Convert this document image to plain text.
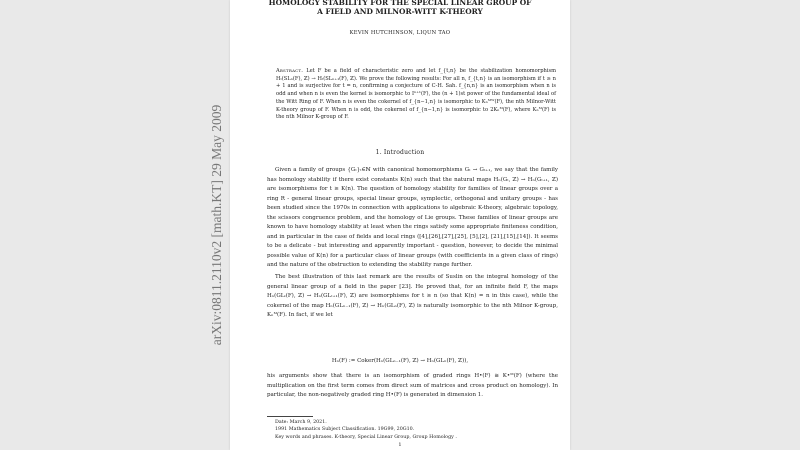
arXiv:0811.2110v2 [math.KT] 29 May 2009
HOMOLOGY STABILITY FOR THE SPECIAL LINEAR GROUP OF
A FIELD AND MILNOR-WITT K-THEORY
KEVIN HUTCHINSON, LIQUN TAO
Abstract. Let F be a field of characteristic zero and let f_{t,n} be the stabilization homomorphism Hₜ(SLₙ(F), ℤ) → Hₜ(SLₙ₊₁(F), ℤ). We prove the following results: For all n, f_{t,n} is an isomorphism if t ≥ n + 1 and is surjective for t = n, confirming a conjecture of C-H. Sah. f_{n,n} is an isomorphism when n is odd and when n is even the kernel is isomorphic to Iⁿ⁺¹(F), the (n + 1)st power of the fundamental ideal of the Witt Ring of F. When n is even the cokernel of f_{n−1,n} is isomorphic to Kₙᴹᵂ(F), the nth Milnor-Witt K-theory group of F. When n is odd, the cokernel of f_{n−1,n} is isomorphic to 2Kₙᴹ(F), where Kₙᴹ(F) is the nth Milnor K-group of F.
1. Introduction

Given a family of groups {Gₜ}ₜ∈ℕ with canonical homomorphisms Gₜ → Gₜ₊₁, we say that the family has homology stability if there exist constants K(n) such that the natural maps Hₙ(Gₜ, ℤ) → Hₙ(Gₜ₊₁, ℤ) are isomorphisms for t ≥ K(n). The question of homology stability for families of linear groups over a ring R - general linear groups, special linear groups, symplectic, orthogonal and unitary groups - has been studied since the 1970s in connection with applications to algebraic K-theory, algebraic topology, the scissors congruence problem, and the homology of Lie groups. These families of linear groups are known to have homology stability at least when the rings satisfy some appropriate finiteness condition, and in particular in the case of fields and local rings ([4],[26],[27],[25], [5],[2], [21],[15],[14]). It seems to be a delicate - but interesting and apparently important - question, however, to decide the minimal possible value of K(n) for a particular class of linear groups (with coefficients in a given class of rings) and the nature of the obstruction to extending the stability range further.

The best illustration of this last remark are the results of Suslin on the integral homology of the general linear group of a field in the paper [23]. He proved that, for an infinite field F, the maps Hₙ(GLₜ(F), ℤ) → Hₙ(GLₜ₊₁(F), ℤ) are isomorphisms for t ≥ n (so that K(n) = n in this case), while the cokernel of the map Hₙ(GLₙ₋₁(F), ℤ) → Hₙ(GLₙ(F), ℤ) is naturally isomorphic to the nth Milnor K-group, Kₙᴹ(F). In fact, if we let

Hₙ(F) := Coker(Hₙ(GLₙ₋₁(F), ℤ) → Hₙ(GLₙ(F), ℤ)),

his arguments show that there is an isomorphism of graded rings H•(F) ≅ K•ᴹ(F) (where the multiplication on the first term comes from direct sum of matrices and cross product on homology). In particular, the non-negatively graded ring H•(F) is generated in dimension 1.

Date: March 9, 2021.
1991 Mathematics Subject Classification. 19G99, 20G10.
Key words and phrases. K-theory, Special Linear Group, Group Homology .
1
